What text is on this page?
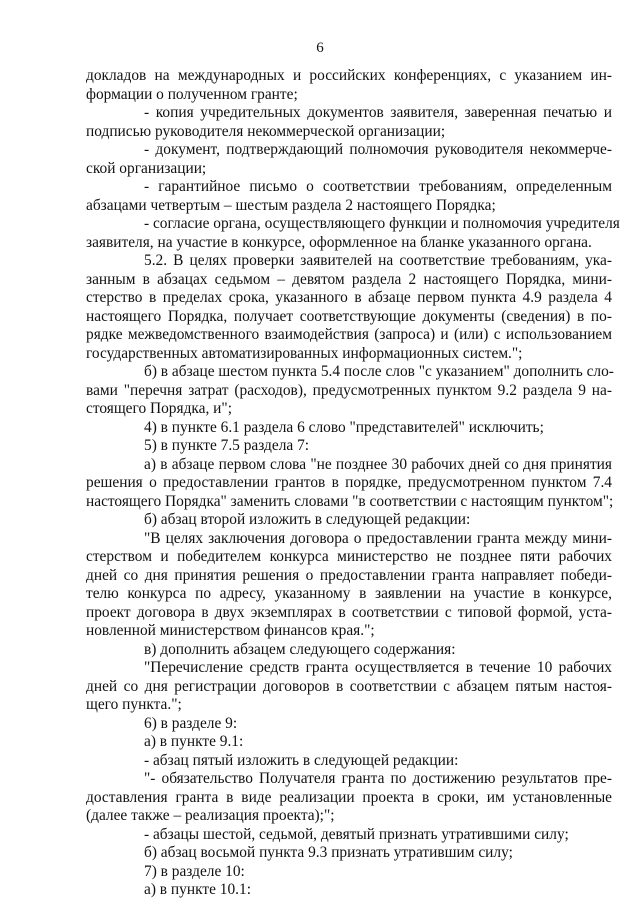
6
докладов на международных и российских конференциях, с указанием ин-
формации о полученном гранте;
- копия учредительных документов заявителя, заверенная печатью и
подписью руководителя некоммерческой организации;
- документ, подтверждающий полномочия руководителя некоммерче-
ской организации;
- гарантийное письмо о соответствии требованиям, определенным
абзацами четвертым – шестым раздела 2 настоящего Порядка;
- согласие органа, осуществляющего функции и полномочия учредителя
заявителя, на участие в конкурсе, оформленное на бланке указанного органа.
5.2. В целях проверки заявителей на соответствие требованиям, ука-
занным в абзацах седьмом – девятом раздела 2 настоящего Порядка, мини-
стерство в пределах срока, указанного в абзаце первом пункта 4.9 раздела 4
настоящего Порядка, получает соответствующие документы (сведения) в по-
рядке межведомственного взаимодействия (запроса) и (или) с использованием
государственных автоматизированных информационных систем.";
б) в абзаце шестом пункта 5.4 после слов "с указанием" дополнить сло-
вами "перечня затрат (расходов), предусмотренных пунктом 9.2 раздела 9 на-
стоящего Порядка, и";
4) в пункте 6.1 раздела 6 слово "представителей" исключить;
5) в пункте 7.5 раздела 7:
а) в абзаце первом слова "не позднее 30 рабочих дней со дня принятия
решения о предоставлении грантов в порядке, предусмотренном пунктом 7.4
настоящего Порядка" заменить словами "в соответствии с настоящим пунктом";
б) абзац второй изложить в следующей редакции:
"В целях заключения договора о предоставлении гранта между мини-
стерством и победителем конкурса министерство не позднее пяти рабочих
дней со дня принятия решения о предоставлении гранта направляет победи-
телю конкурса по адресу, указанному в заявлении на участие в конкурсе,
проект договора в двух экземплярах в соответствии с типовой формой, уста-
новленной министерством финансов края.";
в) дополнить абзацем следующего содержания:
"Перечисление средств гранта осуществляется в течение 10 рабочих
дней со дня регистрации договоров в соответствии с абзацем пятым настоя-
щего пункта.";
6) в разделе 9:
а) в пункте 9.1:
- абзац пятый изложить в следующей редакции:
"- обязательство Получателя гранта по достижению результатов пре-
доставления гранта в виде реализации проекта в сроки, им установленные
(далее также – реализация проекта);";
- абзацы шестой, седьмой, девятый признать утратившими силу;
б) абзац восьмой пункта 9.3 признать утратившим силу;
7) в разделе 10:
а) в пункте 10.1:
